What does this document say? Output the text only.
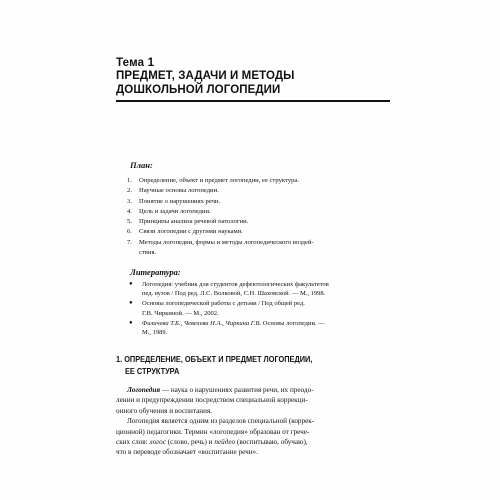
Тема 1
ПРЕДМЕТ, ЗАДАЧИ И МЕТОДЫ
ДОШКОЛЬНОЙ ЛОГОПЕДИИ
План:
1.	Определение, объект и предмет логопедии, ее структура.
2.	Научные основы логопедии.
3.	Понятие о нарушениях речи.
4.	Цель и задачи логопедии.
5.	Принципы анализа речевой патологии.
6.	Связи логопедии с другими науками.
7.	Методы логопедии, формы и методы логопедического воздей-
ствия.
Литература:
●	Логопедия: учебник для студентов дефектологических факультетов
пед. вузов / Под ред. Л.С. Волковой, С.Н. Шаховской. — М., 1998.
●	Основы логопедической работы с детьми / Под общей ред.
Г.В. Чиркиной. — М., 2002.
●	Филичева Т.Б., Чевелева Н.А., Чиркина Г.В. Основы логопедии. —
М., 1989.
1. ОПРЕДЕЛЕНИЕ, ОБЪЕКТ И ПРЕДМЕТ ЛОГОПЕДИИ,
ЕЕ СТРУКТУРА

Логопедия — наука о нарушениях развития речи, их преодо-

лении и предупреждении посредством специальной коррекци-
онного обучения и воспитания.

Логопедия является одним из разделов специальной (коррек-

ционной) педагогики. Термин «логопедия» образован от грече-
ских слов: логос (слово, речь) и пейдео (воспитываю, обучаю),
что в переводе обозначает «воспитание речи».
